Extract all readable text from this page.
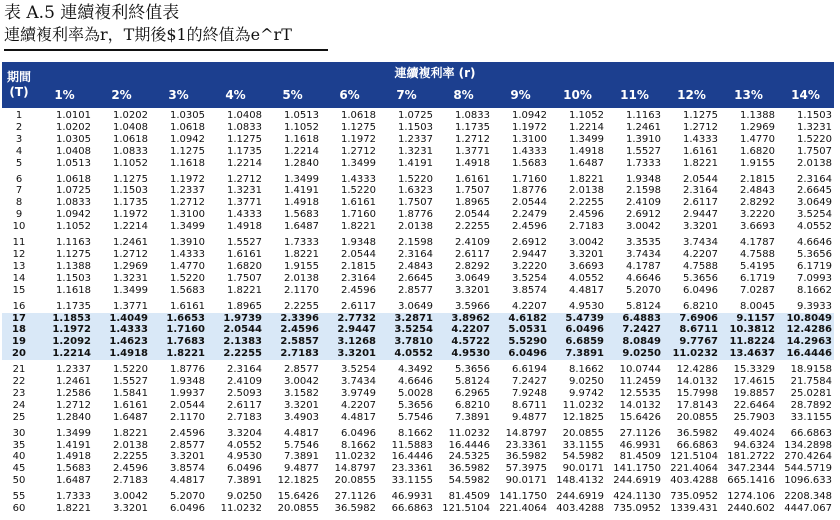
表 A.5 連續複利終值表
連續複利率為r，T期後$1的終值為e^rT
期間
(T)	連續複利率 (r)													
	1%	2%	3%	4%	5%	6%	7%	8%	9%	10%	11%	12%	13%	14%
1	1.0101	1.0202	1.0305	1.0408	1.0513	1.0618	1.0725	1.0833	1.0942	1.1052	1.1163	1.1275	1.1388	1.1503
2	1.0202	1.0408	1.0618	1.0833	1.1052	1.1275	1.1503	1.1735	1.1972	1.2214	1.2461	1.2712	1.2969	1.3231
3	1.0305	1.0618	1.0942	1.1275	1.1618	1.1972	1.2337	1.2712	1.3100	1.3499	1.3910	1.4333	1.4770	1.5220
4	1.0408	1.0833	1.1275	1.1735	1.2214	1.2712	1.3231	1.3771	1.4333	1.4918	1.5527	1.6161	1.6820	1.7507
5	1.0513	1.1052	1.1618	1.2214	1.2840	1.3499	1.4191	1.4918	1.5683	1.6487	1.7333	1.8221	1.9155	2.0138
6	1.0618	1.1275	1.1972	1.2712	1.3499	1.4333	1.5220	1.6161	1.7160	1.8221	1.9348	2.0544	2.1815	2.3164
7	1.0725	1.1503	1.2337	1.3231	1.4191	1.5220	1.6323	1.7507	1.8776	2.0138	2.1598	2.3164	2.4843	2.6645
8	1.0833	1.1735	1.2712	1.3771	1.4918	1.6161	1.7507	1.8965	2.0544	2.2255	2.4109	2.6117	2.8292	3.0649
9	1.0942	1.1972	1.3100	1.4333	1.5683	1.7160	1.8776	2.0544	2.2479	2.4596	2.6912	2.9447	3.2220	3.5254
10	1.1052	1.2214	1.3499	1.4918	1.6487	1.8221	2.0138	2.2255	2.4596	2.7183	3.0042	3.3201	3.6693	4.0552
11	1.1163	1.2461	1.3910	1.5527	1.7333	1.9348	2.1598	2.4109	2.6912	3.0042	3.3535	3.7434	4.1787	4.6646
12	1.1275	1.2712	1.4333	1.6161	1.8221	2.0544	2.3164	2.6117	2.9447	3.3201	3.7434	4.2207	4.7588	5.3656
13	1.1388	1.2969	1.4770	1.6820	1.9155	2.1815	2.4843	2.8292	3.2220	3.6693	4.1787	4.7588	5.4195	6.1719
14	1.1503	1.3231	1.5220	1.7507	2.0138	2.3164	2.6645	3.0649	3.5254	4.0552	4.6646	5.3656	6.1719	7.0993
15	1.1618	1.3499	1.5683	1.8221	2.1170	2.4596	2.8577	3.3201	3.8574	4.4817	5.2070	6.0496	7.0287	8.1662
16	1.1735	1.3771	1.6161	1.8965	2.2255	2.6117	3.0649	3.5966	4.2207	4.9530	5.8124	6.8210	8.0045	9.3933
17	1.1853	1.4049	1.6653	1.9739	2.3396	2.7732	3.2871	3.8962	4.6182	5.4739	6.4883	7.6906	9.1157	10.8049
18	1.1972	1.4333	1.7160	2.0544	2.4596	2.9447	3.5254	4.2207	5.0531	6.0496	7.2427	8.6711	10.3812	12.4286
19	1.2092	1.4623	1.7683	2.1383	2.5857	3.1268	3.7810	4.5722	5.5290	6.6859	8.0849	9.7767	11.8224	14.2963
20	1.2214	1.4918	1.8221	2.2255	2.7183	3.3201	4.0552	4.9530	6.0496	7.3891	9.0250	11.0232	13.4637	16.4446
21	1.2337	1.5220	1.8776	2.3164	2.8577	3.5254	4.3492	5.3656	6.6194	8.1662	10.0744	12.4286	15.3329	18.9158
22	1.2461	1.5527	1.9348	2.4109	3.0042	3.7434	4.6646	5.8124	7.2427	9.0250	11.2459	14.0132	17.4615	21.7584
23	1.2586	1.5841	1.9937	2.5093	3.1582	3.9749	5.0028	6.2965	7.9248	9.9742	12.5535	15.7998	19.8857	25.0281
24	1.2712	1.6161	2.0544	2.6117	3.3201	4.2207	5.3656	6.8210	8.6711	11.0232	14.0132	17.8143	22.6464	28.7892
25	1.2840	1.6487	2.1170	2.7183	3.4903	4.4817	5.7546	7.3891	9.4877	12.1825	15.6426	20.0855	25.7903	33.1155
30	1.3499	1.8221	2.4596	3.3204	4.4817	6.0496	8.1662	11.0232	14.8797	20.0855	27.1126	36.5982	49.4024	66.6863
35	1.4191	2.0138	2.8577	4.0552	5.7546	8.1662	11.5883	16.4446	23.3361	33.1155	46.9931	66.6863	94.6324	134.2898
40	1.4918	2.2255	3.3201	4.9530	7.3891	11.0232	16.4446	24.5325	36.5982	54.5982	81.4509	121.5104	181.2722	270.4264
45	1.5683	2.4596	3.8574	6.0496	9.4877	14.8797	23.3361	36.5982	57.3975	90.0171	141.1750	221.4064	347.2344	544.5719
50	1.6487	2.7183	4.4817	7.3891	12.1825	20.0855	33.1155	54.5982	90.0171	148.4132	244.6919	403.4288	665.1416	1096.633
55	1.7333	3.0042	5.2070	9.0250	15.6426	27.1126	46.9931	81.4509	141.1750	244.6919	424.1130	735.0952	1274.106	2208.348
60	1.8221	3.3201	6.0496	11.0232	20.0855	36.5982	66.6863	121.5104	221.4064	403.4288	735.0952	1339.431	2440.602	4447.067
